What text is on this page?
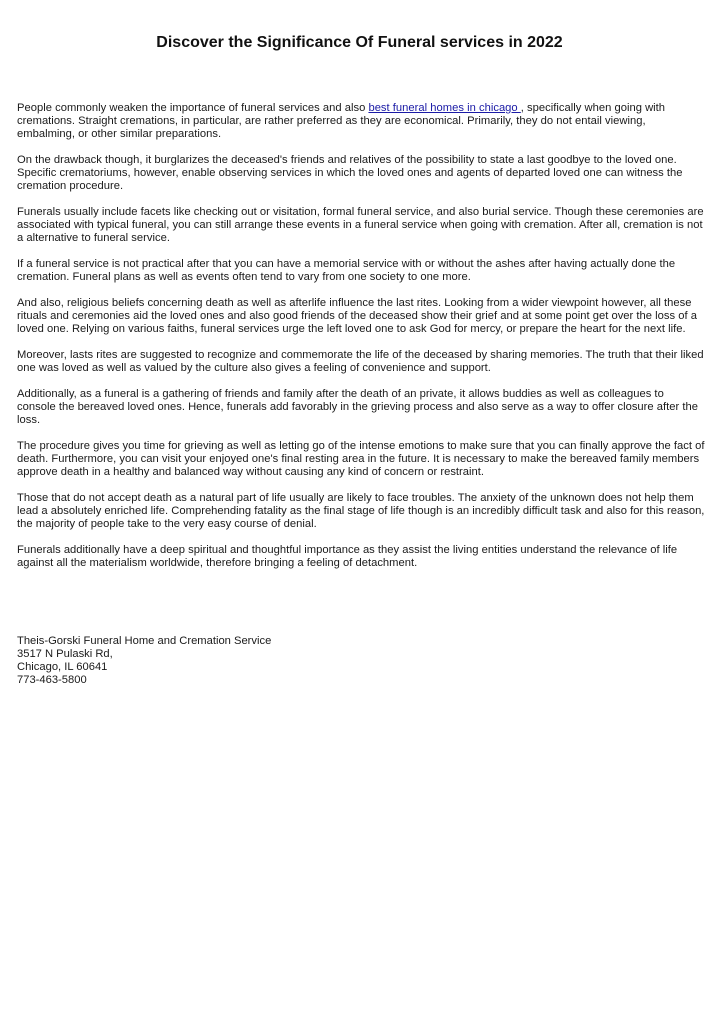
Discover the Significance Of Funeral services in 2022

People commonly weaken the importance of funeral services and also best funeral homes in chicago , specifically when going with cremations. Straight cremations, in particular, are rather preferred as they are economical. Primarily, they do not entail viewing, embalming, or other similar preparations.

On the drawback though, it burglarizes the deceased's friends and relatives of the possibility to state a last goodbye to the loved one. Specific crematoriums, however, enable observing services in which the loved ones and agents of departed loved one can witness the cremation procedure.

Funerals usually include facets like checking out or visitation, formal funeral service, and also burial service. Though these ceremonies are associated with typical funeral, you can still arrange these events in a funeral service when going with cremation. After all, cremation is not a alternative to funeral service.

If a funeral service is not practical after that you can have a memorial service with or without the ashes after having actually done the cremation. Funeral plans as well as events often tend to vary from one society to one more.

And also, religious beliefs concerning death as well as afterlife influence the last rites. Looking from a wider viewpoint however, all these rituals and ceremonies aid the loved ones and also good friends of the deceased show their grief and at some point get over the loss of a loved one. Relying on various faiths, funeral services urge the left loved one to ask God for mercy, or prepare the heart for the next life.

Moreover, lasts rites are suggested to recognize and commemorate the life of the deceased by sharing memories. The truth that their liked one was loved as well as valued by the culture also gives a feeling of convenience and support.

Additionally, as a funeral is a gathering of friends and family after the death of an private, it allows buddies as well as colleagues to console the bereaved loved ones. Hence, funerals add favorably in the grieving process and also serve as a way to offer closure after the loss.

The procedure gives you time for grieving as well as letting go of the intense emotions to make sure that you can finally approve the fact of death. Furthermore, you can visit your enjoyed one's final resting area in the future. It is necessary to make the bereaved family members approve death in a healthy and balanced way without causing any kind of concern or restraint.

Those that do not accept death as a natural part of life usually are likely to face troubles. The anxiety of the unknown does not help them lead a absolutely enriched life. Comprehending fatality as the final stage of life though is an incredibly difficult task and also for this reason, the majority of people take to the very easy course of denial.

Funerals additionally have a deep spiritual and thoughtful importance as they assist the living entities understand the relevance of life against all the materialism worldwide, therefore bringing a feeling of detachment.

Theis-Gorski Funeral Home and Cremation Service
3517 N Pulaski Rd,
Chicago, IL 60641
773-463-5800
